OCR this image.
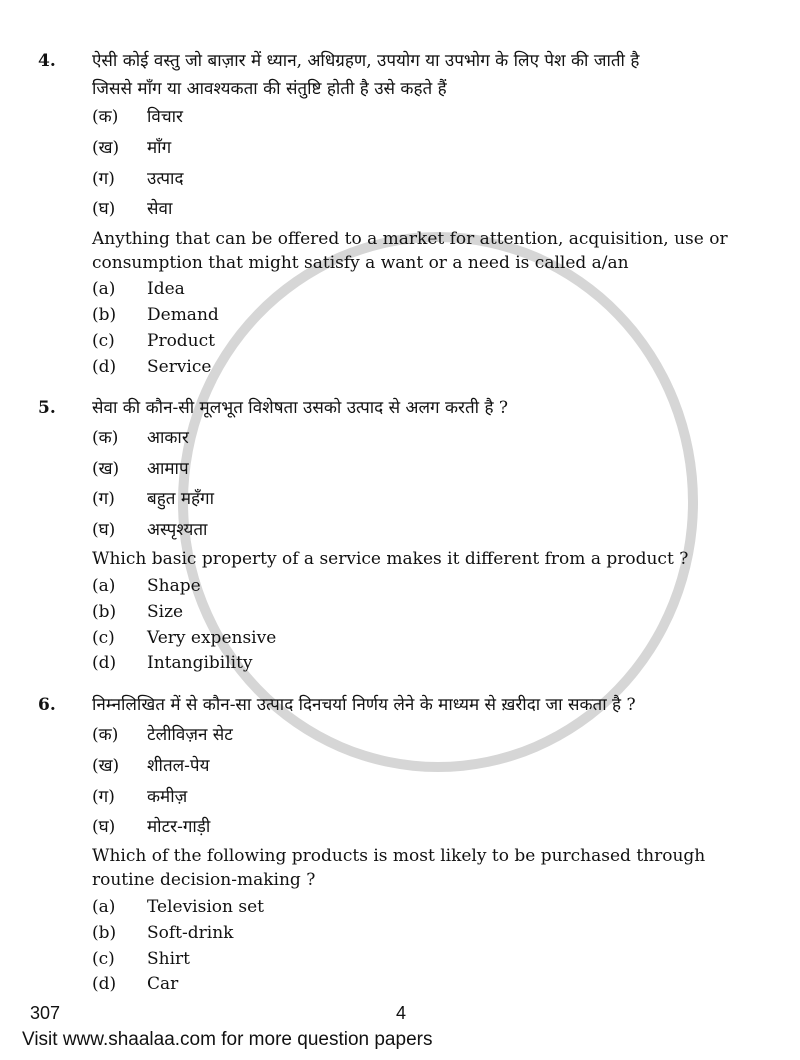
4. ऐसी कोई वस्तु जो बाज़ार में ध्यान, अधिग्रहण, उपयोग या उपभोग के लिए पेश की जाती है
जिससे माँग या आवश्यकता की संतुष्टि होती है उसे कहते हैं
(क) विचार
(ख) माँग
(ग) उत्पाद
(घ) सेवा
Anything that can be offered to a market for attention, acquisition, use or
consumption that might satisfy a want or a need is called a/an
(a) Idea
(b) Demand
(c) Product
(d) Service
5. सेवा की कौन-सी मूलभूत विशेषता उसको उत्पाद से अलग करती है ?
(क) आकार
(ख) आमाप
(ग) बहुत महँगा
(घ) अस्पृश्यता
Which basic property of a service makes it different from a product ?
(a) Shape
(b) Size
(c) Very expensive
(d) Intangibility
6. निम्नलिखित में से कौन-सा उत्पाद दिनचर्या निर्णय लेने के माध्यम से ख़रीदा जा सकता है ?
(क) टेलीविज़न सेट
(ख) शीतल-पेय
(ग) कमीज़
(घ) मोटर-गाड़ी
Which of the following products is most likely to be purchased through
routine decision-making ?
(a) Television set
(b) Soft-drink
(c) Shirt
(d) Car
307	4
Visit www.shaalaa.com for more question papers
